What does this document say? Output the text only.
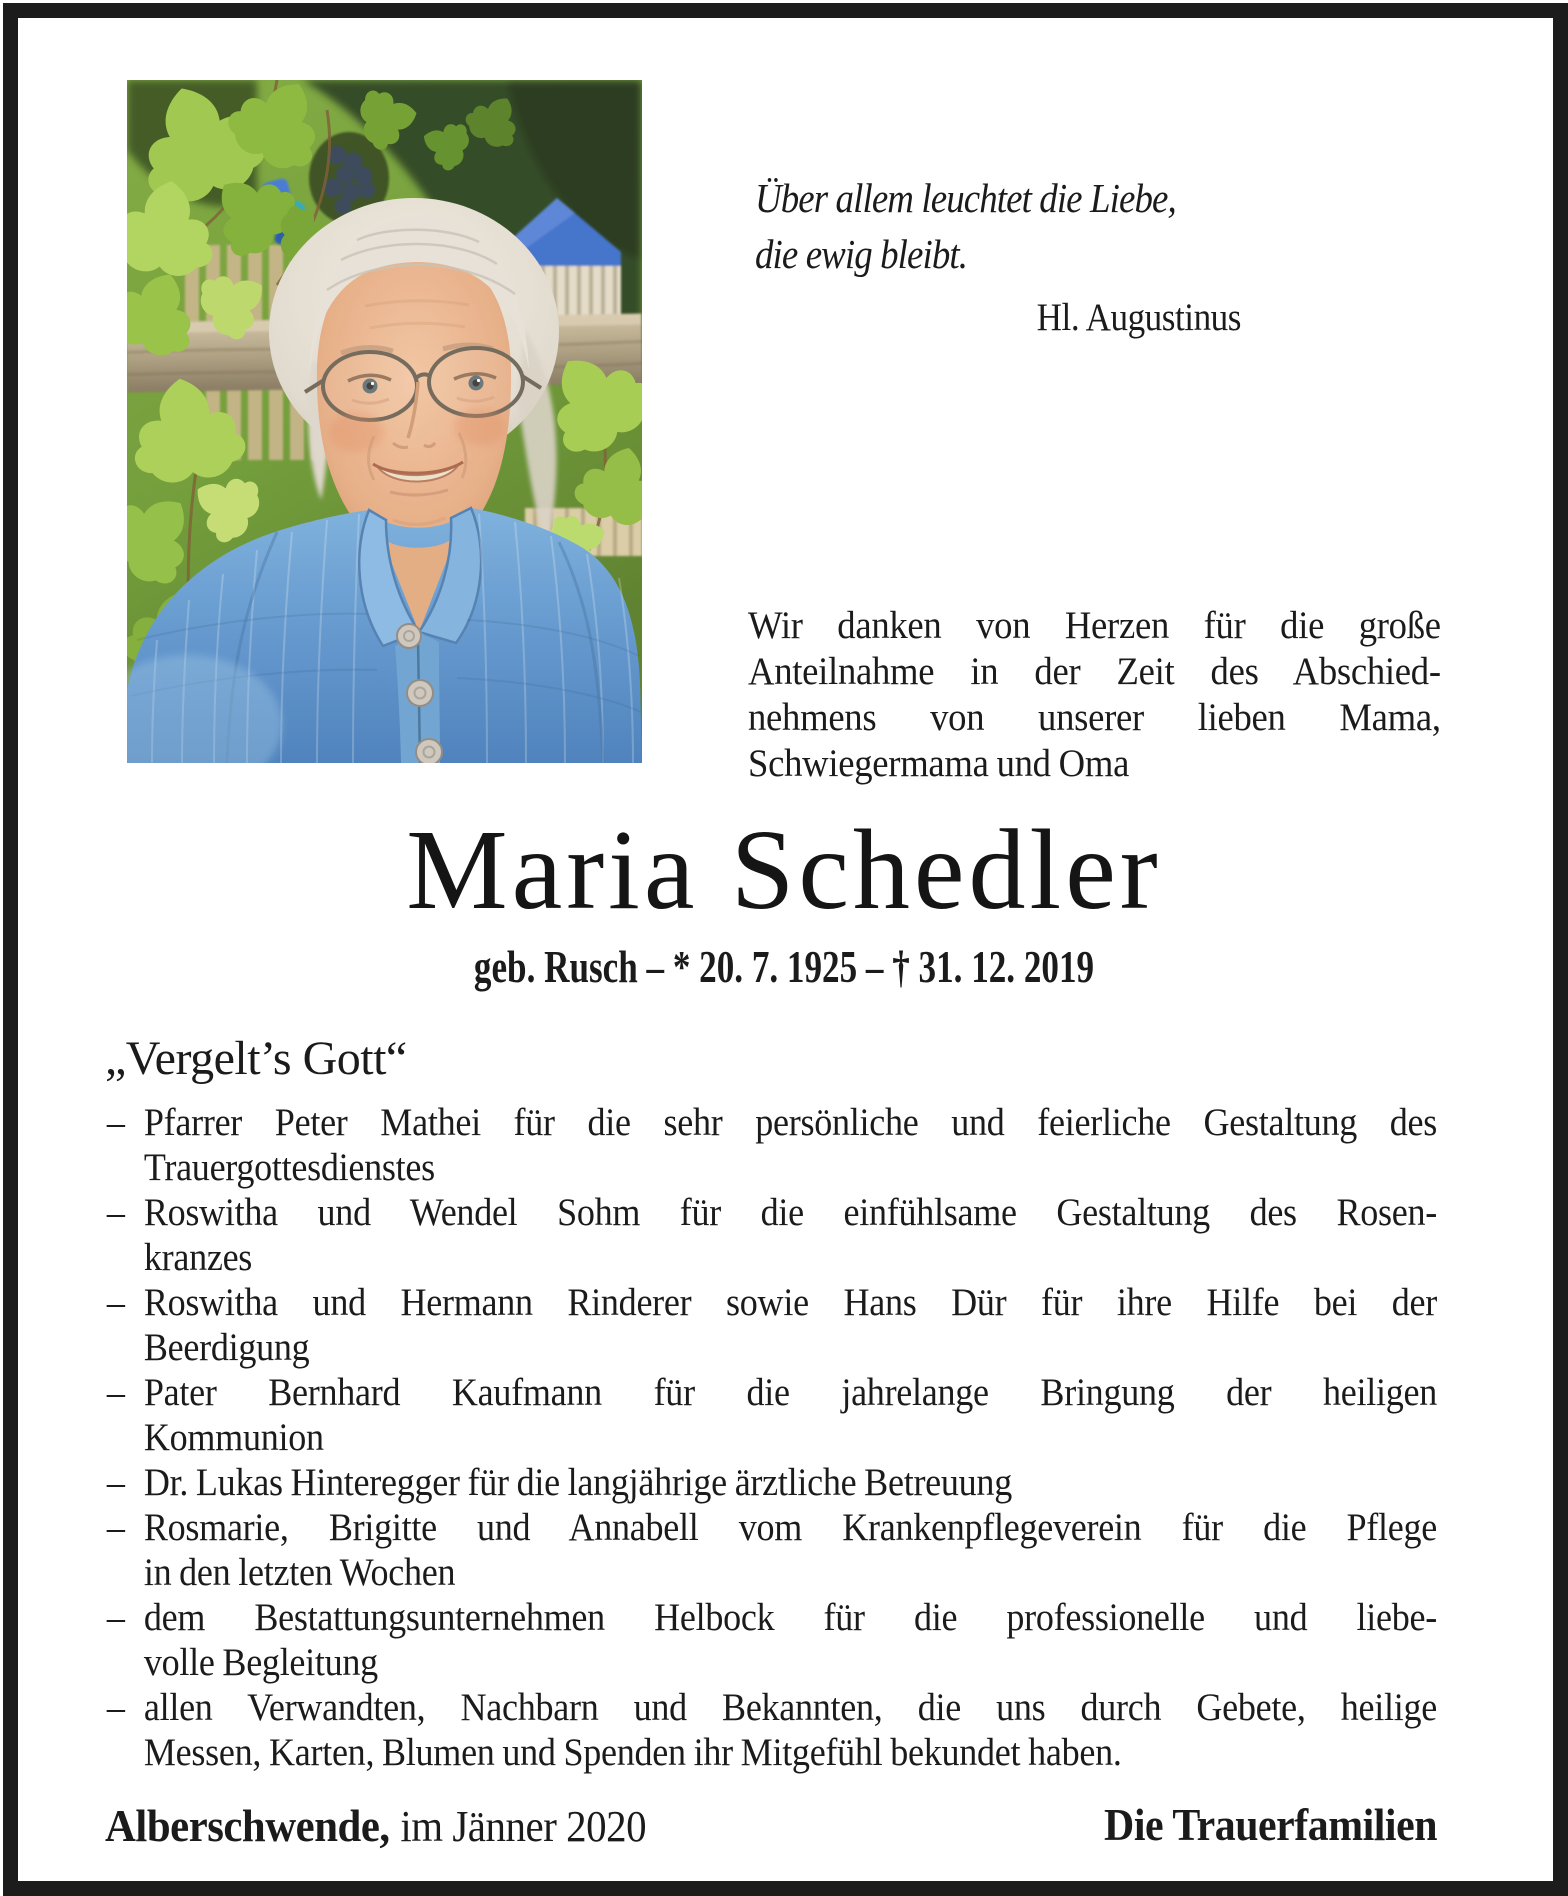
Über allem leuchtet die Liebe,
die ewig bleibt.
Hl. Augustinus
Wir danken von Herzen für die große
Anteilnahme in der Zeit des Abschied-
nehmens von unserer lieben Mama,
Schwiegermama und Oma
Maria Schedler
geb. Rusch – * 20. 7. 1925 – † 31. 12. 2019
„Vergelt’s Gott“
– Pfarrer Peter Mathei für die sehr persönliche und feierliche Gestaltung des
Trauergottesdienstes
– Roswitha und Wendel Sohm für die einfühlsame Gestaltung des Rosen-
kranzes
– Roswitha und Hermann Rinderer sowie Hans Dür für ihre Hilfe bei der
Beerdigung
– Pater Bernhard Kaufmann für die jahrelange Bringung der heiligen
Kommunion
– Dr. Lukas Hinteregger für die langjährige ärztliche Betreuung
– Rosmarie, Brigitte und Annabell vom Krankenpflegeverein für die Pflege
in den letzten Wochen
– dem Bestattungsunternehmen Helbock für die professionelle und liebe-
volle Begleitung
– allen Verwandten, Nachbarn und Bekannten, die uns durch Gebete, heilige
Messen, Karten, Blumen und Spenden ihr Mitgefühl bekundet haben.
Alberschwende, im Jänner 2020	Die Trauerfamilien
